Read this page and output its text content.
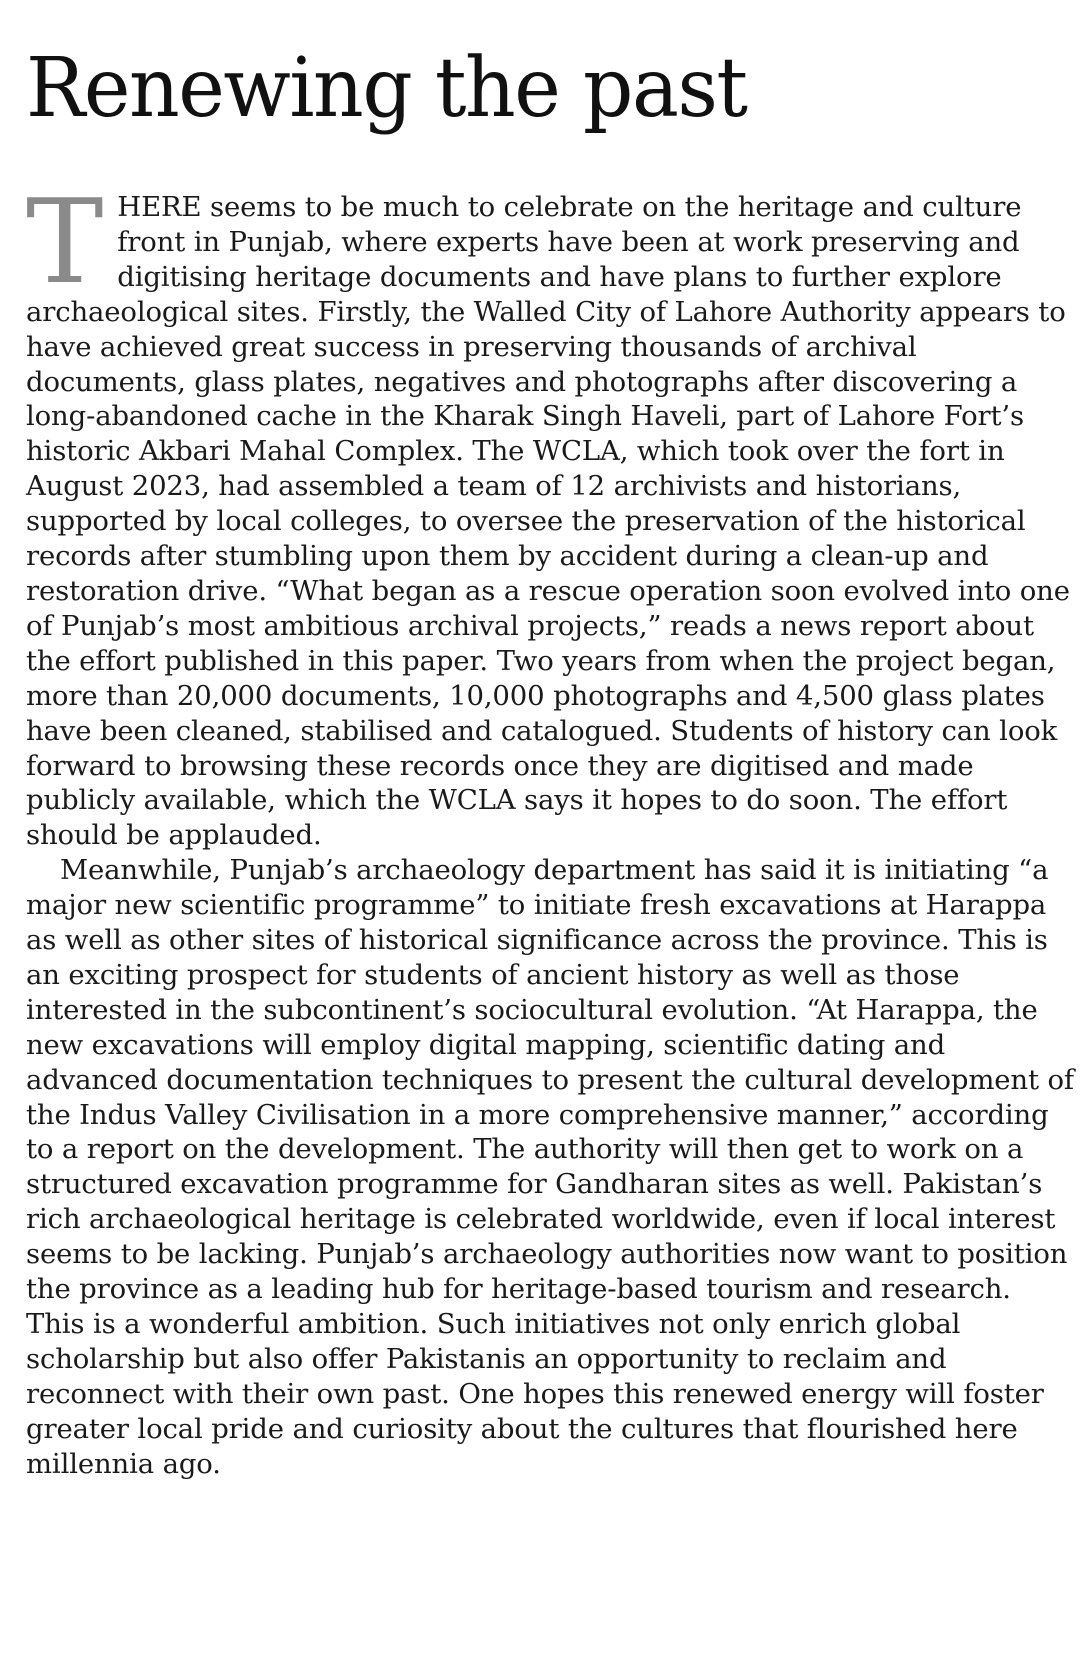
Renewing the past

THERE seems to be much to celebrate on the heritage and culture front in Punjab, where experts have been at work preserving and digitising heritage documents and have plans to further explore archaeological sites. Firstly, the Walled City of Lahore Authority appears to have achieved great success in preserving thousands of archival documents, glass plates, negatives and photographs after discovering a long-abandoned cache in the Kharak Singh Haveli, part of Lahore Fort’s historic Akbari Mahal Complex. The WCLA, which took over the fort in August 2023, had assembled a team of 12 archivists and historians, supported by local colleges, to oversee the preservation of the historical records after stumbling upon them by accident during a clean-up and restoration drive. “What began as a rescue operation soon evolved into one of Punjab’s most ambitious archival projects,” reads a news report about the effort published in this paper. Two years from when the project began, more than 20,000 documents, 10,000 photographs and 4,500 glass plates have been cleaned, stabilised and catalogued. Students of history can look forward to browsing these records once they are digitised and made publicly available, which the WCLA says it hopes to do soon. The effort should be applauded.

Meanwhile, Punjab’s archaeology department has said it is initiating “a major new scientific programme” to initiate fresh excavations at Harappa as well as other sites of historical significance across the province. This is an exciting prospect for students of ancient history as well as those interested in the subcontinent’s sociocultural evolution. “At Harappa, the new excavations will employ digital mapping, scientific dating and advanced documentation techniques to present the cultural development of the Indus Valley Civilisation in a more comprehensive manner,” according to a report on the development. The authority will then get to work on a structured excavation programme for Gandharan sites as well. Pakistan’s rich archaeological heritage is celebrated worldwide, even if local interest seems to be lacking. Punjab’s archaeology authorities now want to position the province as a leading hub for heritage-based tourism and research. This is a wonderful ambition. Such initiatives not only enrich global scholarship but also offer Pakistanis an opportunity to reclaim and reconnect with their own past. One hopes this renewed energy will foster greater local pride and curiosity about the cultures that flourished here millennia ago.
